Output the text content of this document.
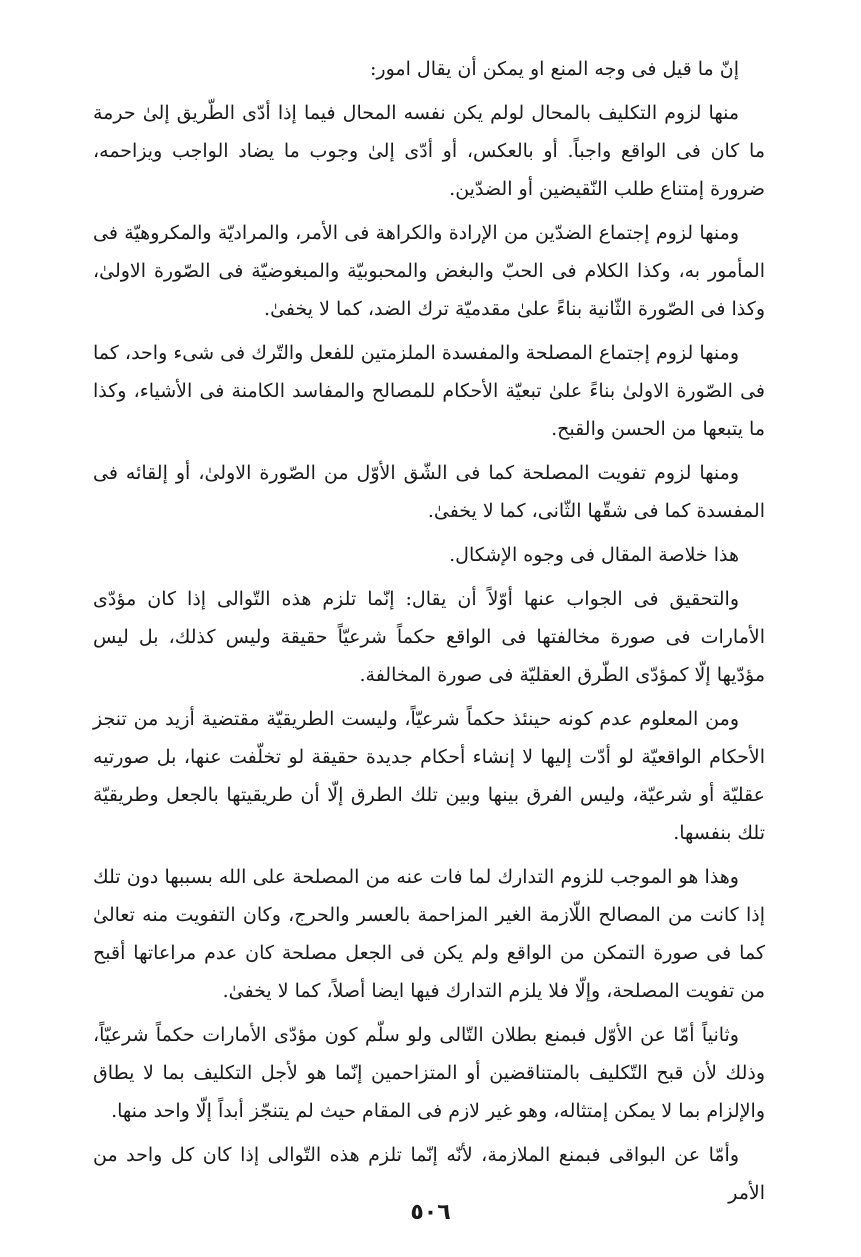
إنّ ما قيل فى وجه المنع او يمكن أن يقال امور:

منها لزوم التكليف بالمحال لولم يكن نفسه المحال فيما إذا أدّى الطّريق إلىٰ حرمة ما كان فى الواقع واجباً. أو بالعكس، أو أدّى إلىٰ وجوب ما يضاد الواجب ويزاحمه، ضرورة إمتناع طلب النّقيضين أو الضدّين.

ومنها لزوم إجتماع الضدّين من الإرادة والكراهة فى الأمر، والمراديّة والمكروهيّة فى المأمور به، وكذا الكلام فى الحبّ والبغض والمحبوبيّة والمبغوضيّة فى الصّورة الاولىٰ، وكذا فى الصّورة الثّانية بناءً علىٰ مقدميّة ترك الضد، كما لا يخفىٰ.

ومنها لزوم إجتماع المصلحة والمفسدة الملزمتين للفعل والتّرك فى شىء واحد، كما فى الصّورة الاولىٰ بناءً علىٰ تبعيّة الأحكام للمصالح والمفاسد الكامنة فى الأشياء، وكذا ما يتبعها من الحسن والقبح.

ومنها لزوم تفويت المصلحة كما فى الشّق الأوّل من الصّورة الاولىٰ، أو إلقائه فى المفسدة كما فى شقّها الثّانى، كما لا يخفىٰ.

هذا خلاصة المقال فى وجوه الإشكال.

والتحقيق فى الجواب عنها أوّلاً أن يقال: إنّما تلزم هذه التّوالى إذا كان مؤدّى الأمارات فى صورة مخالفتها فى الواقع حكماً شرعيّاً حقيقة وليس كذلك، بل ليس مؤدّيها إلّا كمؤدّى الطّرق العقليّة فى صورة المخالفة.

ومن المعلوم عدم كونه حينئذ حكماً شرعيّاً، وليست الطريقيّة مقتضية أزيد من تنجز الأحكام الواقعيّة لو أدّت إليها لا إنشاء أحكام جديدة حقيقة لو تخلّفت عنها، بل صورتيه عقليّة أو شرعيّة، وليس الفرق بينها وبين تلك الطرق إلّا أن طريقيتها بالجعل وطريقيّة تلك بنفسها.

وهذا هو الموجب للزوم التدارك لما فات عنه من المصلحة على الله بسببها دون تلك إذا كانت من المصالح اللّازمة الغير المزاحمة بالعسر والحرج، وكان التفويت منه تعالىٰ كما فى صورة التمكن من الواقع ولم يكن فى الجعل مصلحة كان عدم مراعاتها أقبح من تفويت المصلحة، وإلّا فلا يلزم التدارك فيها ايضا أصلاً، كما لا يخفىٰ.

وثانياً أمّا عن الأوّل فبمنع بطلان التّالى ولو سلّم كون مؤدّى الأمارات حكماً شرعيّاً، وذلك لأن قبح التّكليف بالمتناقضين أو المتزاحمين إنّما هو لأجل التكليف بما لا يطاق والإلزام بما لا يمكن إمتثاله، وهو غير لازم فى المقام حيث لم يتنجّز أبداً إلّا واحد منها.

وأمّا عن البواقى فبمنع الملازمة، لأنّه إنّما تلزم هذه التّوالى إذا كان كل واحد من الأمر

٥٠٦
